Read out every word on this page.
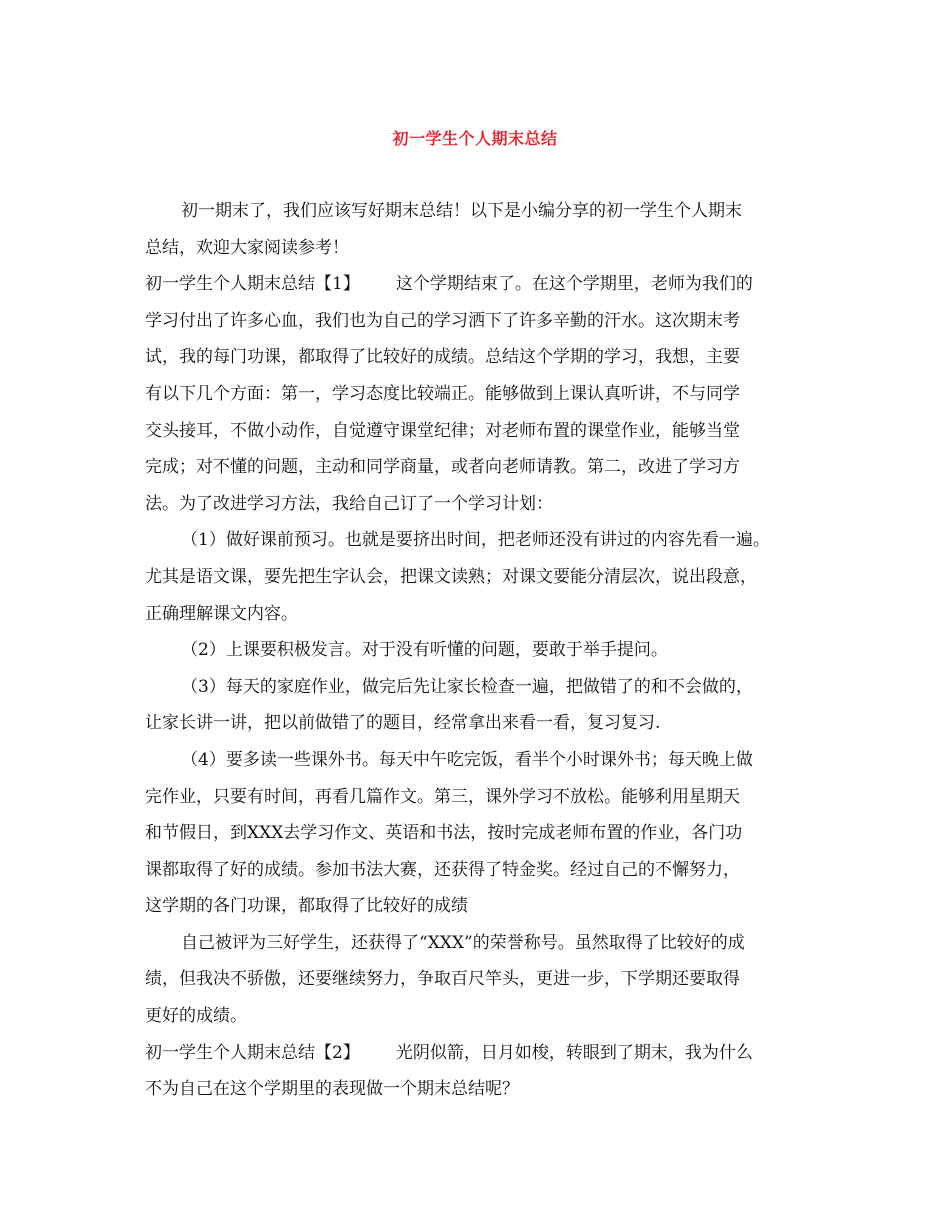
初一学生个人期末总结
初一期末了，我们应该写好期末总结！以下是小编分享的初一学生个人期末
总结，欢迎大家阅读参考！
初一学生个人期末总结【1】 这个学期结束了。在这个学期里，老师为我们的
学习付出了许多心血，我们也为自己的学习洒下了许多辛勤的汗水。这次期末考
试，我的每门功课，都取得了比较好的成绩。总结这个学期的学习，我想，主要
有以下几个方面：第一，学习态度比较端正。能够做到上课认真听讲，不与同学
交头接耳，不做小动作，自觉遵守课堂纪律；对老师布置的课堂作业，能够当堂
完成；对不懂的问题，主动和同学商量，或者向老师请教。第二，改进了学习方
法。为了改进学习方法，我给自己订了一个学习计划：
（1）做好课前预习。也就是要挤出时间，把老师还没有讲过的内容先看一遍。
尤其是语文课，要先把生字认会，把课文读熟；对课文要能分清层次，说出段意，
正确理解课文内容。
（2）上课要积极发言。对于没有听懂的问题，要敢于举手提问。
（3）每天的家庭作业，做完后先让家长检查一遍，把做错了的和不会做的，
让家长讲一讲，把以前做错了的题目，经常拿出来看一看，复习复习.
（4）要多读一些课外书。每天中午吃完饭，看半个小时课外书；每天晚上做
完作业，只要有时间，再看几篇作文。第三，课外学习不放松。能够利用星期天
和节假日，到XXX去学习作文、英语和书法，按时完成老师布置的作业，各门功
课都取得了好的成绩。参加书法大赛，还获得了特金奖。经过自己的不懈努力，
这学期的各门功课，都取得了比较好的成绩
自己被评为三好学生，还获得了“XXX”的荣誉称号。虽然取得了比较好的成
绩，但我决不骄傲，还要继续努力，争取百尺竿头，更进一步，下学期还要取得
更好的成绩。
初一学生个人期末总结【2】 光阴似箭，日月如梭，转眼到了期末，我为什么
不为自己在这个学期里的表现做一个期末总结呢？
